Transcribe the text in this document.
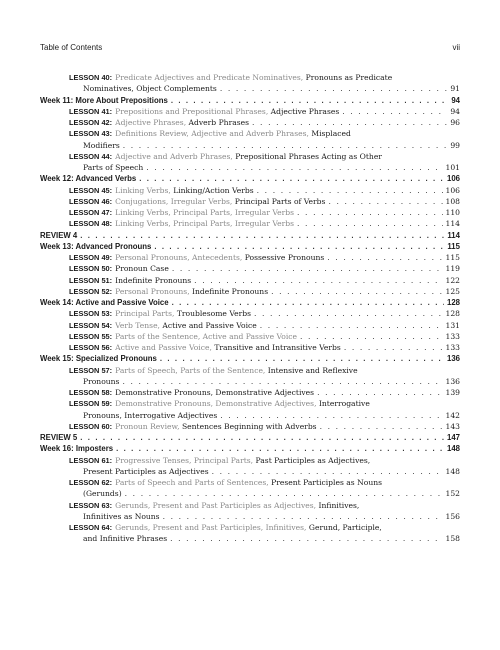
Table of Contents	vii
LESSON 40: Predicate Adjectives and Predicate Nominatives,
Pronouns as Predicate
Nominatives, Object Complements . . .	91
Week 11: More About Prepositions . . .	94
LESSON 41: Prepositions and Prepositional Phrases,
Adjective Phrases . . .	94
LESSON 42: Adjective Phrases,
Adverb Phrases . . .	96
LESSON 43: Definitions Review, Adjective and Adverb Phrases,
Misplaced
Modifiers . . .	99
LESSON 44: Adjective and Adverb Phrases,
Prepositional Phrases Acting as Other
Parts of Speech . . .	101
Week 12: Advanced Verbs . . .	106
LESSON 45: Linking Verbs,
Linking/Action Verbs . . .	106
LESSON 46: Conjugations, Irregular Verbs,
Principal Parts of Verbs . . .	108
LESSON 47: Linking Verbs, Principal Parts, Irregular Verbs . . .	110
LESSON 48: Linking Verbs, Principal Parts, Irregular Verbs . . .	114
REVIEW 4 . . .	114
Week 13: Advanced Pronouns . . .	115
LESSON 49: Personal Pronouns, Antecedents,
Possessive Pronouns . . .	115
LESSON 50: Pronoun Case . . .	119
LESSON 51: Indefinite Pronouns . . .	122
LESSON 52: Personal Pronouns,
Indefinite Pronouns . . .	125
Week 14: Active and Passive Voice . . .	128
LESSON 53: Principal Parts,
Troublesome Verbs . . .	128
LESSON 54: Verb Tense,
Active and Passive Voice . . .	131
LESSON 55: Parts of the Sentence, Active and Passive Voice . . .	133
LESSON 56: Active and Passive Voice,
Transitive and Intransitive Verbs . . .	133
Week 15: Specialized Pronouns . . .	136
LESSON 57: Parts of Speech, Parts of the Sentence,
Intensive and Reflexive
Pronouns . . .	136
LESSON 58: Demonstrative Pronouns, Demonstrative Adjectives . . .	139
LESSON 59: Demonstrative Pronouns, Demonstrative Adjectives,
Interrogative
Pronouns, Interrogative Adjectives . . .	142
LESSON 60: Pronoun Review,
Sentences Beginning with Adverbs . . .	143
REVIEW 5 . . .	147
Week 16: Imposters . . .	148
LESSON 61: Progressive Tenses, Principal Parts,
Past Participles as Adjectives,
Present Participles as Adjectives . . .	148
LESSON 62: Parts of Speech and Parts of Sentences,
Present Participles as Nouns
(Gerunds) . . .	152
LESSON 63: Gerunds, Present and Past Participles as Adjectives,
Infinitives,
Infinitives as Nouns . . .	156
LESSON 64: Gerunds, Present and Past Participles, Infinitives,
Gerund, Participle,
and Infinitive Phrases . . .	158
